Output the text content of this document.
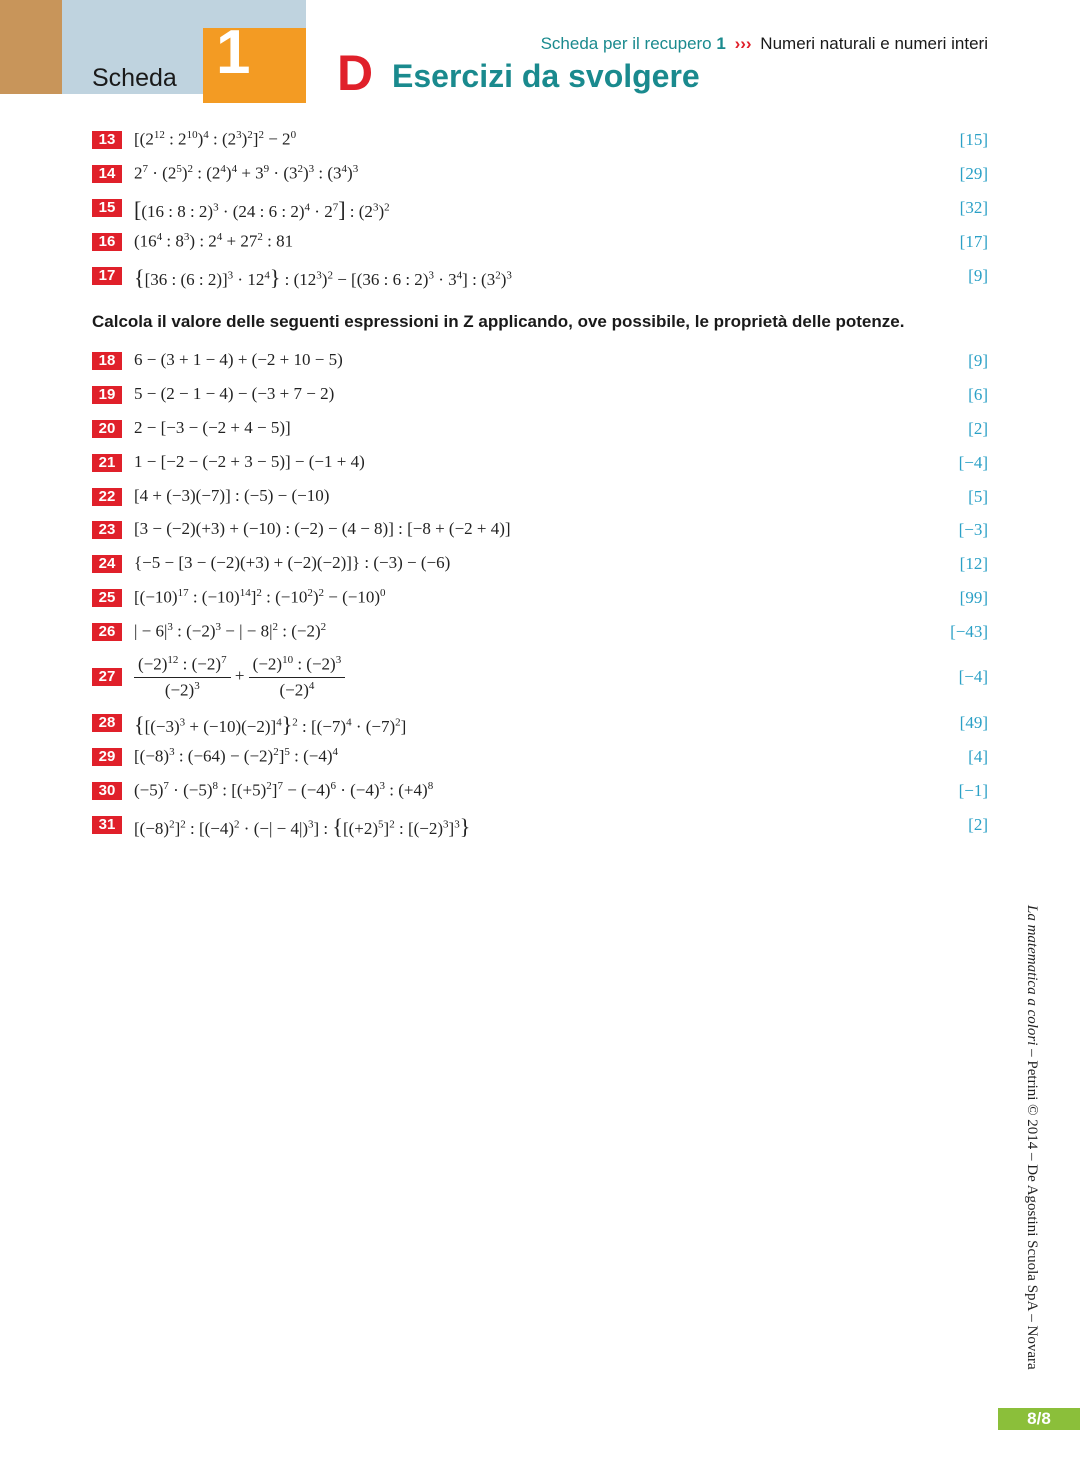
Scheda 1	Scheda per il recupero 1 ››› Numeri naturali e numeri interi
D Esercizi da svolgere
13	[($2^{12}$ : $2^{10})^4$ : $(2^3)^2]^2 - 2^0$	[15]
14	$2^7 \cdot (2^5)^2$ : $(2^4)^4 + 3^9 \cdot (3^2)^3$ : $(3^4)^3$	[29]
15 [(16 : 8 : 2)$^3$ · (24 : 6 : $2)^4 \cdot 2^7$] : $(2^3)^2$	[32]
16	($16^4$ : $8^3$) : $2^4 + 27^2$ : 81	[17]
17 {[36 : (6 : $2)]^3 \cdot 12^4$} : $(12^3)^2 - [(36$ : 6 : $2)^3 \cdot 3^4$] : $(3^2)^3$	[9]
Calcola il valore delle seguenti espressioni in Z applicando, ove possibile, le proprietà delle potenze.
18	6 − (3 + 1 − 4) + (−2 + 10 − 5)	[9]
19	5 − (2 − 1 − 4) − (−3 + 7 − 2)	[6]
20	2 − [−3 − (−2 + 4 − 5)]	[2]
21	1 − [−2 − (−2 + 3 − 5)] − (−1 + 4)	[−4]
22	[4 + (−3)(−7)] : (−5) − (−10)	[5]
23	[3 − (−2)(+3) + (−10) : (−2) − (4 − 8)] : [−8 + (−2 + 4)]	[−3]
24	{−5 − [3 − (−2)(+3) + (−2)(−2)]} : (−3) − (−6)	[12]
25	[$(-10)^{17}$ : $(-10)^{14}]^2$ : $(-10^2)^2 - (-10)^0$	[99]
26	| − $6|^3$ : $(-2)^3$ − | − $8|^2$ : $(-2)^2$	[−43]
27	$\frac{(-2)^{12} : (-2)^7}{(-2)^3} + \frac{(-2)^{10} : (-2)^3}{(-2)^4}$	[−4]
28 $\{[(-3)^3 + (-10)(-2)]^4\}^2$ : $[(-7)^4 \cdot (-7)^2]$	[49]
29	[$(-8)^3$ : $(-64) - (-2)^2]^5$ : $(-4)^4$	[4]
30	$(-5)^7 \cdot (-5)^8$ : $[(+5)^2]^7 - (-4)^6 \cdot (-4)^3$ : $(+4)^8$	[−1]
31	$[(-8)^2]^2$ : [$(-4)^2$ · (−| − 4|)$^3$] : {$[(+2)^5]^2$ : $[(-2)^3]^3$}	[2]
La matematica a colori – Petrini © 2014 – De Agostini Scuola SpA – Novara
8/8
